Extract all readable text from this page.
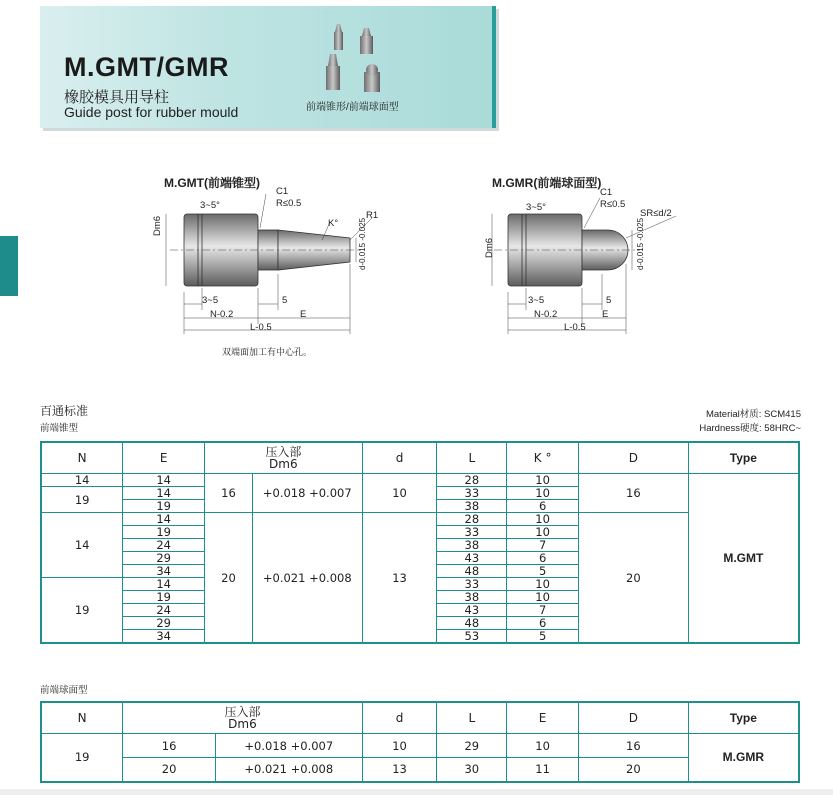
M.GMT/GMR
橡胶模具用导柱
Guide post for rubber mould	前端锥形/前端球面型
M.GMT(前端锥型)
3~5°
C1
R≤0.5
K°
R1
Dm6	d-0.015 -0.025
3~5	5
N-0.2	E
L-0.5
双端面加工有中心孔。
M.GMR(前端球面型)
3~5°
C1
R≤0.5
SR≤d/2
Dm6	d-0.015 -0.025
3~5	5
N-0.2	E
L-0.5
百通标准
前端锥型
Material材质: SCM415
Hardness硬度: 58HRC~
N	E	压入部
Dm6		d	L	K °	D	Type
14	14	16	+0.018 +0.007	10	28	10	16	M.GMT
19	14				33	10		
	19				38	6		
14	14	20	+0.021 +0.008	13	28	10	20	
	19				33	10		
	24				38	7		
	29				43	6		
	34				48	5		
19	14				33	10		
	19				38	10		
	24				43	7		
	29				48	6		
	34				53	5		
前端球面型
N	压入部
Dm6		d	L	E	D	Type
19	16	+0.018 +0.007	10	29	10	16	M.GMR
	20	+0.021 +0.008	13	30	11	20	
